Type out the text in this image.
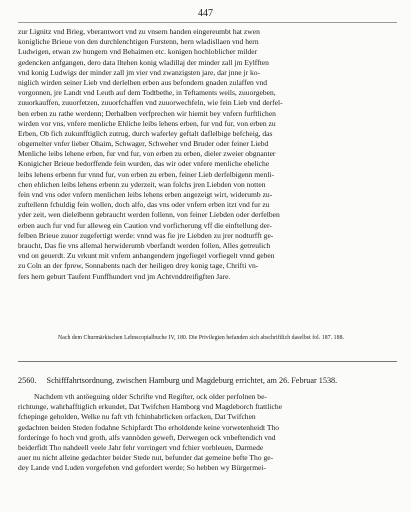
447
zur Lignitz vnd Brieg, vberantwort vnd zu vnsern handen eingereumbt hat zwen
konigliche Brieue von den durchlenchtigen Furstenn, hern wladisllaen vnd hern
Ludwigen, etwan zw hungern vnd Behaimen etc. konigen hochloblicher milder
gedencken anfgangen, dero data lltehen konig wladillaj der minder zall jm Eylfften
vnd konig Ludwigs der minder zall jm vier vnd zwanzigsten jare, dar jnne jr ko-
niglich wirden seiner Lieb vnd derlelben erben aus befondern gnaden zulaffen vnd
vorgonnen, jre Landt vnd Leuth auf dem Todtbethe, in Teftaments weils, zuuorgeben,
zuuorkauffen, zuuorfetzen, zuuorfchaffen vnd zuuorwechfeln, wie fein Lieb vnd derfel-
ben erben zu rathe werdenn; Derhalben verfprechen wir hiemit bey vnfern furftlichen
wirden vor vns, vnfere menliche Ehliche leibs lehens erben, fur vnd fur, von erben zu
Erben, Ob fich zukunfftiglich zutrug, durch waferley geftalt daflelbige befcheig, das
obgemelter vnfer lieber Ohaim, Schwager, Schweher vnd Bruder oder feiner Liebd
Menliche leibs lehene erben, fur vnd fur, von erben zu erben, dieler zweier obgnanter
Konigicher Brieue bedorffende fein wurden, das wir oder vnfere menliche eheliche
leibs lehens erbenn fur vnnd fur, von erben zu erben, feiner Lieb derfelbigenn menli-
chen ehlichen leibs lehens erbenn zu yderzeit, wan folchs jren Liebden von notten
fein vnd vns oder vnfern menlichen leibs lehens erben angezeigt wirt, widerumb zu-
zuftellenn fchuldig fein wollen, doch alfo, das vns oder vnfern erben itzt vnd fur zu
yder zeit, wen dielelbenn gebraucht werden follenn, von feiner Liebden oder derfelben
erben auch fur vnd fur alleweg ein Caution vnd vorficherung vff die einftellung der-
felben Brieue zuuor zugefertigt werde: vnnd was fie jre Liebden zu jrer nodturfft ge-
braucht, Das fie vns allemal herwiderumb vberfandt werden follen, Alles getreulich
vnd on geuerdt. Zu vrkunt mit vnfern anhangendem jngefiegel vorfiegelt vnnd geben
zu Coln an der fprew, Sonnabents nach der heiligen drey konig tage, Chrifti vn-
fers hern geburt Taufent Funffhundert vnd jm Achtvnddreifigften Jare.
Nach dem Churmärkischen Lehnscopialbuche IV, 180. Die Privilegien befanden sich abschriftlich daselbst fol. 187. 188.
2560. Schifffahrtsordnung, zwischen Hamburg und Magdeburg errichtet, am 26. Februar 1538.
Nachdem vth antöeguing older Schrifte vnd Regifter, ock older perfolnen be-
richtunge, wahrhafftiglich erkundet, Dat Twifchen Hamborg vnd Magdeborch ftattliche
fchepinge geholden, Welke nu faft vth fchinbabrlicken orfacken, Dat Twifchen
gedachten beiden Steden fodahne Schipfardt Tho erholdende keine vorwetenheidt Tho
forderinge fo hoch vnd groth, alfs vannöden geweft, Derwegen ock vnbeftendich vnd
beiderfidt Tho nahdeell veele Jahr fehr vorringert vnd fchier vorbleuen, Darmede
auer nu nicht alleine gedachter beider Stede nut, befunder dat gemeine befte Tho ge-
dey Lande vnd Luden vorgefehen vnd gefordert werde; So hebben wy Bürgermei-
